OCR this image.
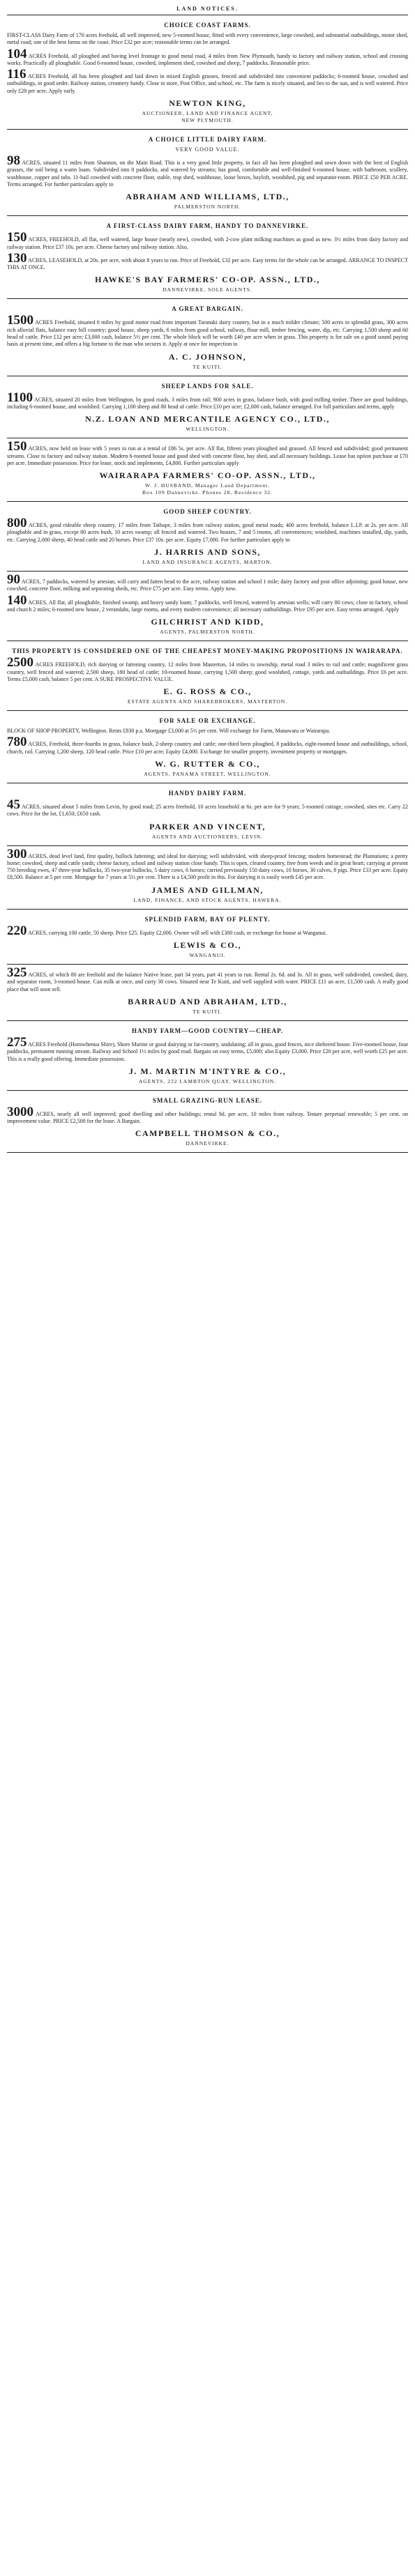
LAND NOTICES.
CHOICE COAST FARMS.

FIRST-CLASS Dairy Farm of 170 acres freehold, all well improved, new 5-roomed house, fitted with every convenience, large cowshed, and substantial outbuildings, motor shed, metal road; one of the best farms on the coast. Price £32 per acre; reasonable terms can be arranged.

104 ACRES Freehold, all ploughed and having level frontage to good metal road, 4 miles from New Plymouth, handy to factory and railway station, school and crossing works. Practically all ploughable. Good 6-roomed house, cowshed, implement shed, cowshed and sheep, 7 paddocks. Reasonable price.

116 ACRES Freehold, all has been ploughed and laid down in mixed English grasses, fenced and subdivided into convenient paddocks; 6-roomed house, cowshed and outbuildings, in good order. Railway station, creamery handy. Close to store, Post Office, and school, etc. The farm is nicely situated, and lies to the sun, and is well watered. Price only £28 per acre. Apply early.

NEWTON KING,
AUCTIONEER, LAND AND FINANCE AGENT,
NEW PLYMOUTH.
A CHOICE LITTLE DAIRY FARM.
VERY GOOD VALUE.

98 ACRES, situated 11 miles from Shannon, on the Main Road. This is a very good little property, in fact all has been ploughed and sown down with the best of English grasses, the soil being a warm loam. Subdivided into 8 paddocks, and watered by streams; has good, comfortable and well-finished 6-roomed house, with bathroom, scullery, washhouse, copper and tubs. 11-bail cowshed with concrete floor, stable, trap shed, washhouse, loose boxes, hayloft, woodshed, pig and separator-room. PRICE £50 PER ACRE. Terms arranged. For further particulars apply to

ABRAHAM AND WILLIAMS, LTD.,
PALMERSTON NORTH.
A FIRST-CLASS DAIRY FARM, HANDY TO DANNEVIRKE.

150 ACRES, FREEHOLD, all flat, well watered, large house (nearly new), cowshed, with 2-cow plant milking machines as good as new. 3½ miles from dairy factory and railway station. Price £37 10s. per acre. Cheese factory and railway station. Also,

130 ACRES, LEASEHOLD, at 20s. per acre, with about 8 years to run. Price of Freehold, £32 per acre. Easy terms for the whole can be arranged. ARRANGE TO INSPECT THIS AT ONCE.

HAWKE'S BAY FARMERS' CO-OP. ASSN., LTD.,
DANNEVIRKE, SOLE AGENTS.
A GREAT BARGAIN.

1500 ACRES Freehold, situated 6 miles by good motor road from important Taranaki dairy country, but in a much milder climate; 500 acres in splendid grass, 300 acres rich alluvial flats, balance easy hill country; good house, sheep yards, 6 miles from good school, railway, flour mill, timber fencing, water, dip, etc. Carrying 1,500 sheep and 60 head of cattle. Price £12 per acre; £3,000 cash, balance 5½ per cent. The whole block will be worth £40 per acre when in grass. This property is for sale on a good sound paying basis at present time, and offers a big fortune to the man who secures it. Apply at once for inspection to

A. C. JOHNSON,
TE KUITI.
SHEEP LANDS FOR SALE.

1100 ACRES, situated 20 miles from Wellington, by good roads, 3 miles from rail; 900 acres in grass, balance bush, with good milling timber. There are good buildings, including 6-roomed house, and woolshed. Carrying 1,100 sheep and 80 head of cattle. Price £10 per acre; £2,000 cash, balance arranged. For full particulars and terms, apply

N.Z. LOAN AND MERCANTILE AGENCY CO., LTD.,
WELLINGTON.

150 ACRES, now held on lease with 5 years to run at a rental of £86 5s. per acre. All flat, fifteen years ploughed and grassed. All fenced and subdivided; good permanent streams. Close to factory and railway station. Modern 6-roomed house and good shed with concrete floor, hay shed, and all necessary buildings. Lease has option purchase at £70 per acre. Immediate possession. Price for lease, stock and implements, £4,800. Further particulars apply

WAIRARAPA FARMERS' CO-OP. ASSN., LTD.,
W. J. HUSBAND, Manager Land Department.
Box 109 Dannevirke. Phones 28, Residence 32.
GOOD SHEEP COUNTRY.

800 ACRES, good rideable sheep country, 17 miles from Taihape, 3 miles from railway station, good metal roads; 400 acres freehold, balance L.I.P. at 2s. per acre. All ploughable and in grass, except 80 acres bush, 10 acres swamp; all fenced and watered. Two houses, 7 and 5 rooms, all conveniences; woolshed, machines installed, dip, yards, etc. Carrying 2,000 sheep, 40 head cattle and 20 horses. Price £37 10s. per acre. Equity £7,000. For further particulars apply to

J. HARRIS AND SONS,
LAND AND INSURANCE AGENTS, MARTON.

90 ACRES, 7 paddocks, watered by artesian, will carry and fatten head to the acre, railway station and school 1 mile; dairy factory and post office adjoining; good house, new cowshed, concrete floor, milking and separating sheds, etc. Price £75 per acre. Easy terms. Apply now.

140 ACRES, All flat, all ploughable, finished swamp, and heavy sandy loam; 7 paddocks, well fenced, watered by artesian wells; will carry 80 cows; close to factory, school and church 2 miles; 6-roomed new house, 2 verandahs, large rooms, and every modern convenience; all necessary outbuildings. Price £95 per acre. Easy terms arranged. Apply

GILCHRIST AND KIDD,
AGENTS, PALMERSTON NORTH.
THIS PROPERTY IS CONSIDERED ONE OF THE CHEAPEST MONEY-MAKING PROPOSITIONS IN WAIRARAPA.

2500 ACRES FREEHOLD, rich dairying or fattening country, 12 miles from Masterton, 14 miles to township, metal road 3 miles to rail and cattle; magnificent grass country, well fenced and watered; 2,500 sheep, 180 head of cattle; 10-roomed house, carrying 1,500 sheep; good woolshed, cottage, yards and outbuildings. Price £6 per acre. Terms £5,000 cash, balance 5 per cent. A SURE PROSPECTIVE VALUE.

E. G. ROSS & CO.,
ESTATE AGENTS AND SHAREBROKERS, MASTERTON.
FOR SALE OR EXCHANGE.

BLOCK OF SHOP PROPERTY, Wellington. Rents £830 p.a. Mortgage £3,000 at 5½ per cent. Will exchange for Farm, Manawatu or Wairarapa.

780 ACRES, Freehold, three-fourths in grass, balance bush, 2-sheep country and cattle; one-third been ploughed, 8 paddocks, eight-roomed house and outbuildings, school, church, rail. Carrying 1,200 sheep, 120 head cattle. Price £10 per acre; Equity £4,000. Exchange for smaller property, investment property or mortgages.

W. G. RUTTER & CO.,
AGENTS, PANAMA STREET, WELLINGTON.
HANDY DAIRY FARM.

45 ACRES, situated about 5 miles from Levin, by good road; 25 acres freehold, 10 acres leasehold at 6s. per acre for 9 years; 5-roomed cottage, cowshed, sites etc. Carry 22 cows. Price for the lot, £1,650; £650 cash.

PARKER AND VINCENT,
AGENTS AND AUCTIONEERS, LEVIN.

300 ACRES, dead level land, first quality, bullock fattening; and ideal for dairying; well subdivided, with sheep-proof fencing; modern homestead; the Plantations; a pretty home; cowshed, sheep and cattle yards; cheese factory, school and railway station close handy. This is open, cleared country, free from weeds and in great heart; carrying at present 750 breeding ewes, 47 three-year bullocks, 35 two-year bullocks, 5 dairy cows, 6 horses; carried previously 150 dairy cows, 10 horses, 30 calves, 8 pigs. Price £33 per acre. Equity £8,500. Balance at 5 per cent. Mortgage for 7 years at 5½ per cent. There is a £4,500 profit in this. For dairying it is easily worth £45 per acre.

JAMES AND GILLMAN,
LAND, FINANCE, AND STOCK AGENTS, HAWERA.
SPLENDID FARM, BAY OF PLENTY.

220 ACRES, carrying 100 cattle, 50 sheep. Price £25. Equity £2,000. Owner will sell with £300 cash, or exchange for house at Wanganui.

LEWIS & CO.,
WANGANUI.

325 ACRES, of which 80 are freehold and the balance Native lease, part 34 years, part 41 years to run. Rental 2s. 6d. and 3s. All in grass, well subdivided, cowshed, dairy, and separator room, 3-roomed house. Can milk at once, and carry 30 cows. Situated near Te Kuiti, and well supplied with water. PRICE £11 an acre, £1,500 cash. A really good place that will soon sell.

BARRAUD AND ABRAHAM, LTD.,
TE KUITI.
HANDY FARM—GOOD COUNTRY—CHEAP.

275 ACRES Freehold (Horowhenua Shire), Shore Marine or good dairying or fat-country, undulating; all in grass, good fences, nice sheltered house. Five-roomed house, four paddocks, permanent running stream. Railway and School 1½ miles by good road. Bargain on easy terms, £5,000; also Equity £3,000. Price £20 per acre, well worth £25 per acre. This is a really good offering. Immediate possession.

J. M. MARTIN M'INTYRE & CO.,
AGENTS, 232 LAMBTON QUAY, WELLINGTON.
SMALL GRAZING-RUN LEASE.

3000 ACRES, nearly all well improved; good dwelling and other buildings; rental 9d. per acre, 10 miles from railway. Tenure perpetual renewable; 5 per cent. on improvement value. PRICE £2,500 for the lease. A Bargain.

CAMPBELL THOMSON & CO.,
DANNEVIRKE.
